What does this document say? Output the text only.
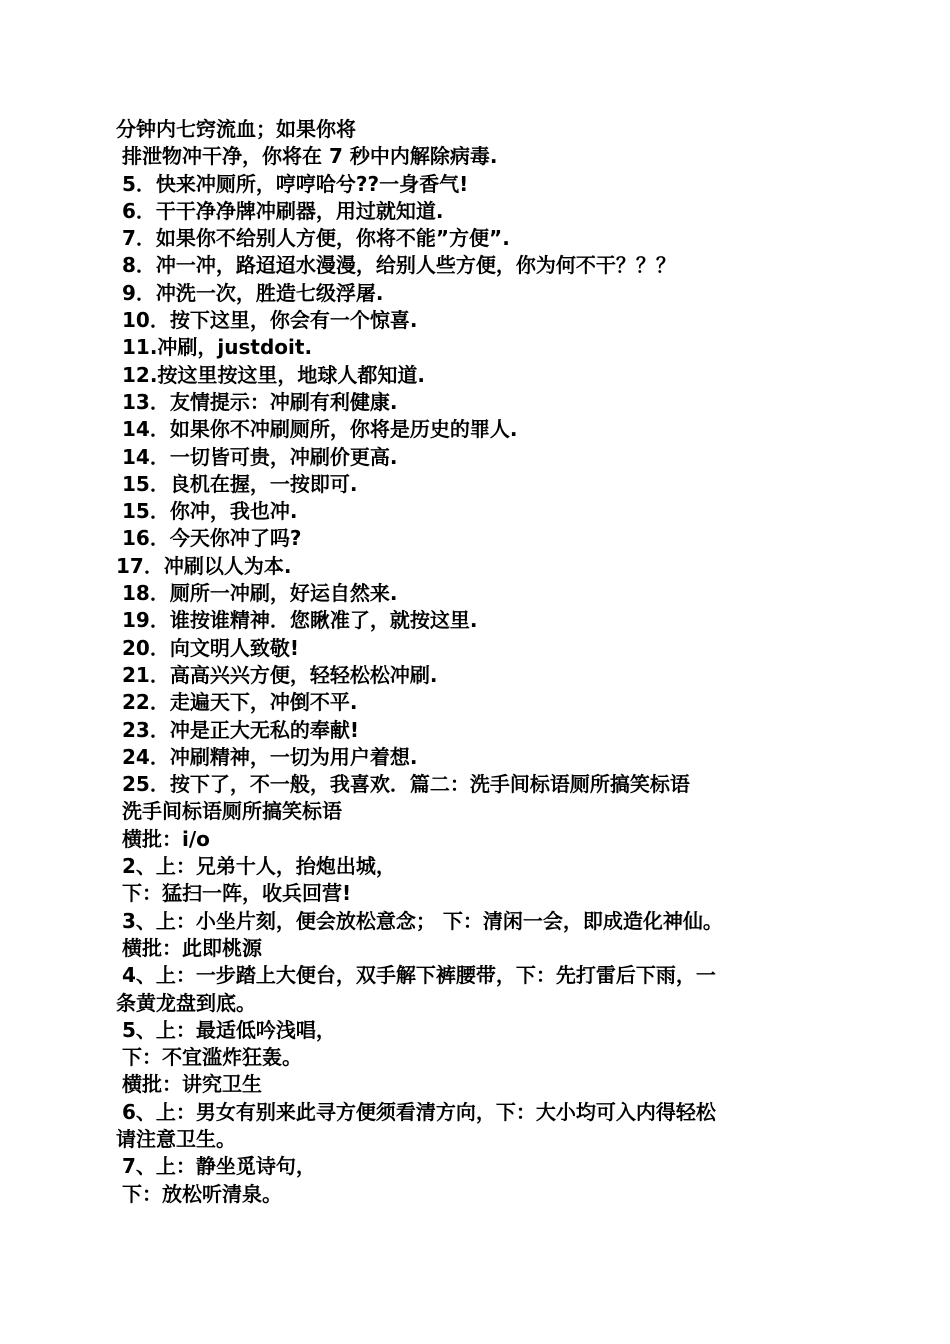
分钟内七窍流血；如果你将
排泄物冲干净，你将在 7 秒中内解除病毒.
5．快来冲厕所，哼哼哈兮??一身香气!
6．干干净净牌冲刷器，用过就知道.
7．如果你不给别人方便，你将不能”方便”.
8．冲一冲，路迢迢水漫漫，给别人些方便，你为何不干？？？
9．冲洗一次，胜造七级浮屠.
10．按下这里，你会有一个惊喜.
11.冲刷，justdoit.
12.按这里按这里，地球人都知道.
13．友情提示：冲刷有利健康.
14．如果你不冲刷厕所，你将是历史的罪人.
14．一切皆可贵，冲刷价更高.
15．良机在握，一按即可.
15．你冲，我也冲.
16．今天你冲了吗?
17．冲刷以人为本.
18．厕所一冲刷，好运自然来.
19．谁按谁精神．您瞅准了，就按这里.
20．向文明人致敬!
21．高高兴兴方便，轻轻松松冲刷.
22．走遍天下，冲倒不平.
23．冲是正大无私的奉献!
24．冲刷精神，一切为用户着想.
25．按下了，不一般，我喜欢．篇二：洗手间标语厕所搞笑标语
洗手间标语厕所搞笑标语
横批：i/o
2、上：兄弟十人，抬炮出城，
下：猛扫一阵，收兵回营!
3、上：小坐片刻，便会放松意念； 下：清闲一会，即成造化神仙。
横批：此即桃源
4、上：一步踏上大便台，双手解下裤腰带，下：先打雷后下雨，一
条黄龙盘到底。
5、上：最适低吟浅唱，
下：不宜滥炸狂轰。
横批：讲究卫生
6、上：男女有别来此寻方便须看清方向，下：大小均可入内得轻松
请注意卫生。
7、上：静坐觅诗句，
下：放松听清泉。
